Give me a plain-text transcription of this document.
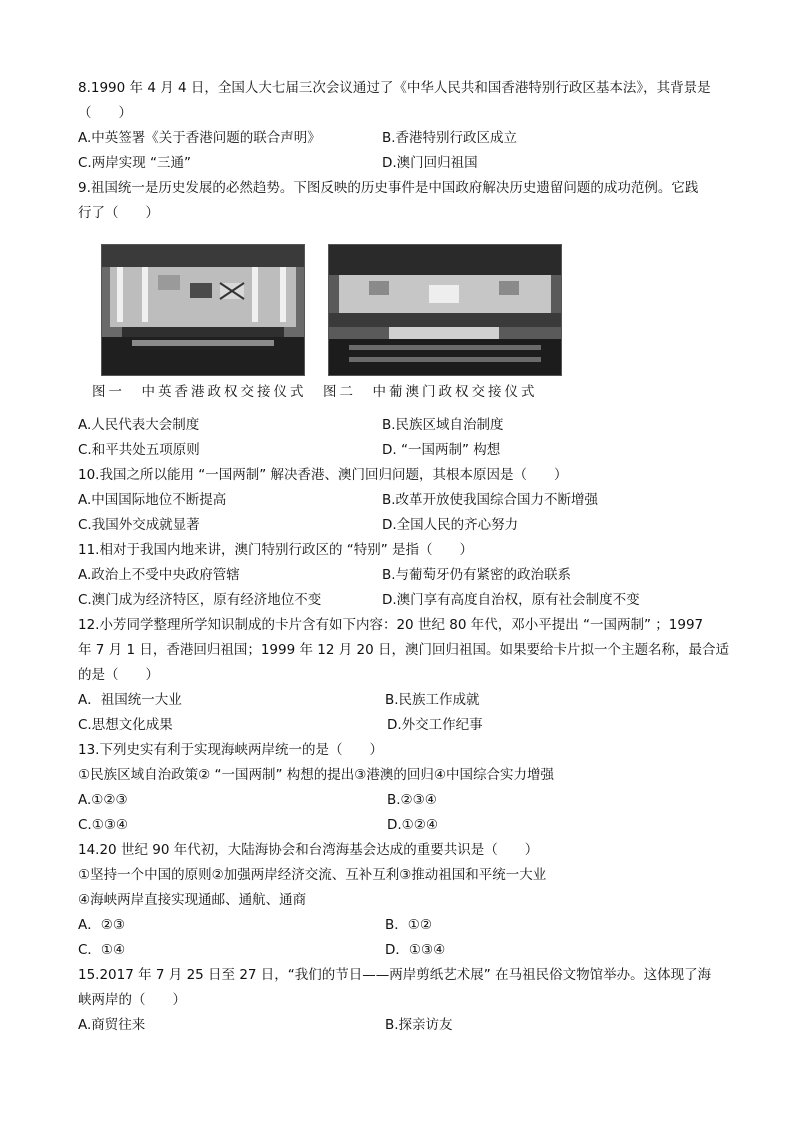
8.1990 年 4 月 4 日，全国人大七届三次会议通过了《中华人民共和国香港特别行政区基本法》，其背景是
（　　）
A.中英签署《关于香港问题的联合声明》	B.香港特别行政区成立
C.两岸实现 “三通”	D.澳门回归祖国
9.祖国统一是历史发展的必然趋势。下图反映的历史事件是中国政府解决历史遗留问题的成功范例。它践
行了（　　）
图一　中英香港政权交接仪式　图二　中葡澳门政权交接仪式
A.人民代表大会制度	B.民族区域自治制度
C.和平共处五项原则	D. “一国两制” 构想
10.我国之所以能用 “一国两制” 解决香港、澳门回归问题，其根本原因是（　　）
A.中国国际地位不断提高	B.改革开放使我国综合国力不断增强
C.我国外交成就显著	D.全国人民的齐心努力
11.相对于我国内地来讲，澳门特别行政区的 “特别” 是指（　　）
A.政治上不受中央政府管辖	B.与葡萄牙仍有紧密的政治联系
C.澳门成为经济特区，原有经济地位不变	D.澳门享有高度自治权，原有社会制度不变
12.小芳同学整理所学知识制成的卡片含有如下内容：20 世纪 80 年代，邓小平提出 “一国两制” ；1997
年 7 月 1 日，香港回归祖国；1999 年 12 月 20 日，澳门回归祖国。如果要给卡片拟一个主题名称，最合适
的是（　　）
A．祖国统一大业	B.民族工作成就
C.思想文化成果	D.外交工作纪事
13.下列史实有利于实现海峡两岸统一的是（　　）
①民族区域自治政策② “一国两制” 构想的提出③港澳的回归④中国综合实力增强
A.①②③	B.②③④
C.①③④	D.①②④
14.20 世纪 90 年代初，大陆海协会和台湾海基会达成的重要共识是（　　）
①坚持一个中国的原则②加强两岸经济交流、互补互利③推动祖国和平统一大业
④海峡两岸直接实现通邮、通航、通商
A．②③	B．①②
C．①④	D．①③④
15.2017 年 7 月 25 日至 27 日，“我们的节日——两岸剪纸艺术展” 在马祖民俗文物馆举办。这体现了海
峡两岸的（　　）
A.商贸往来	B.探亲访友
